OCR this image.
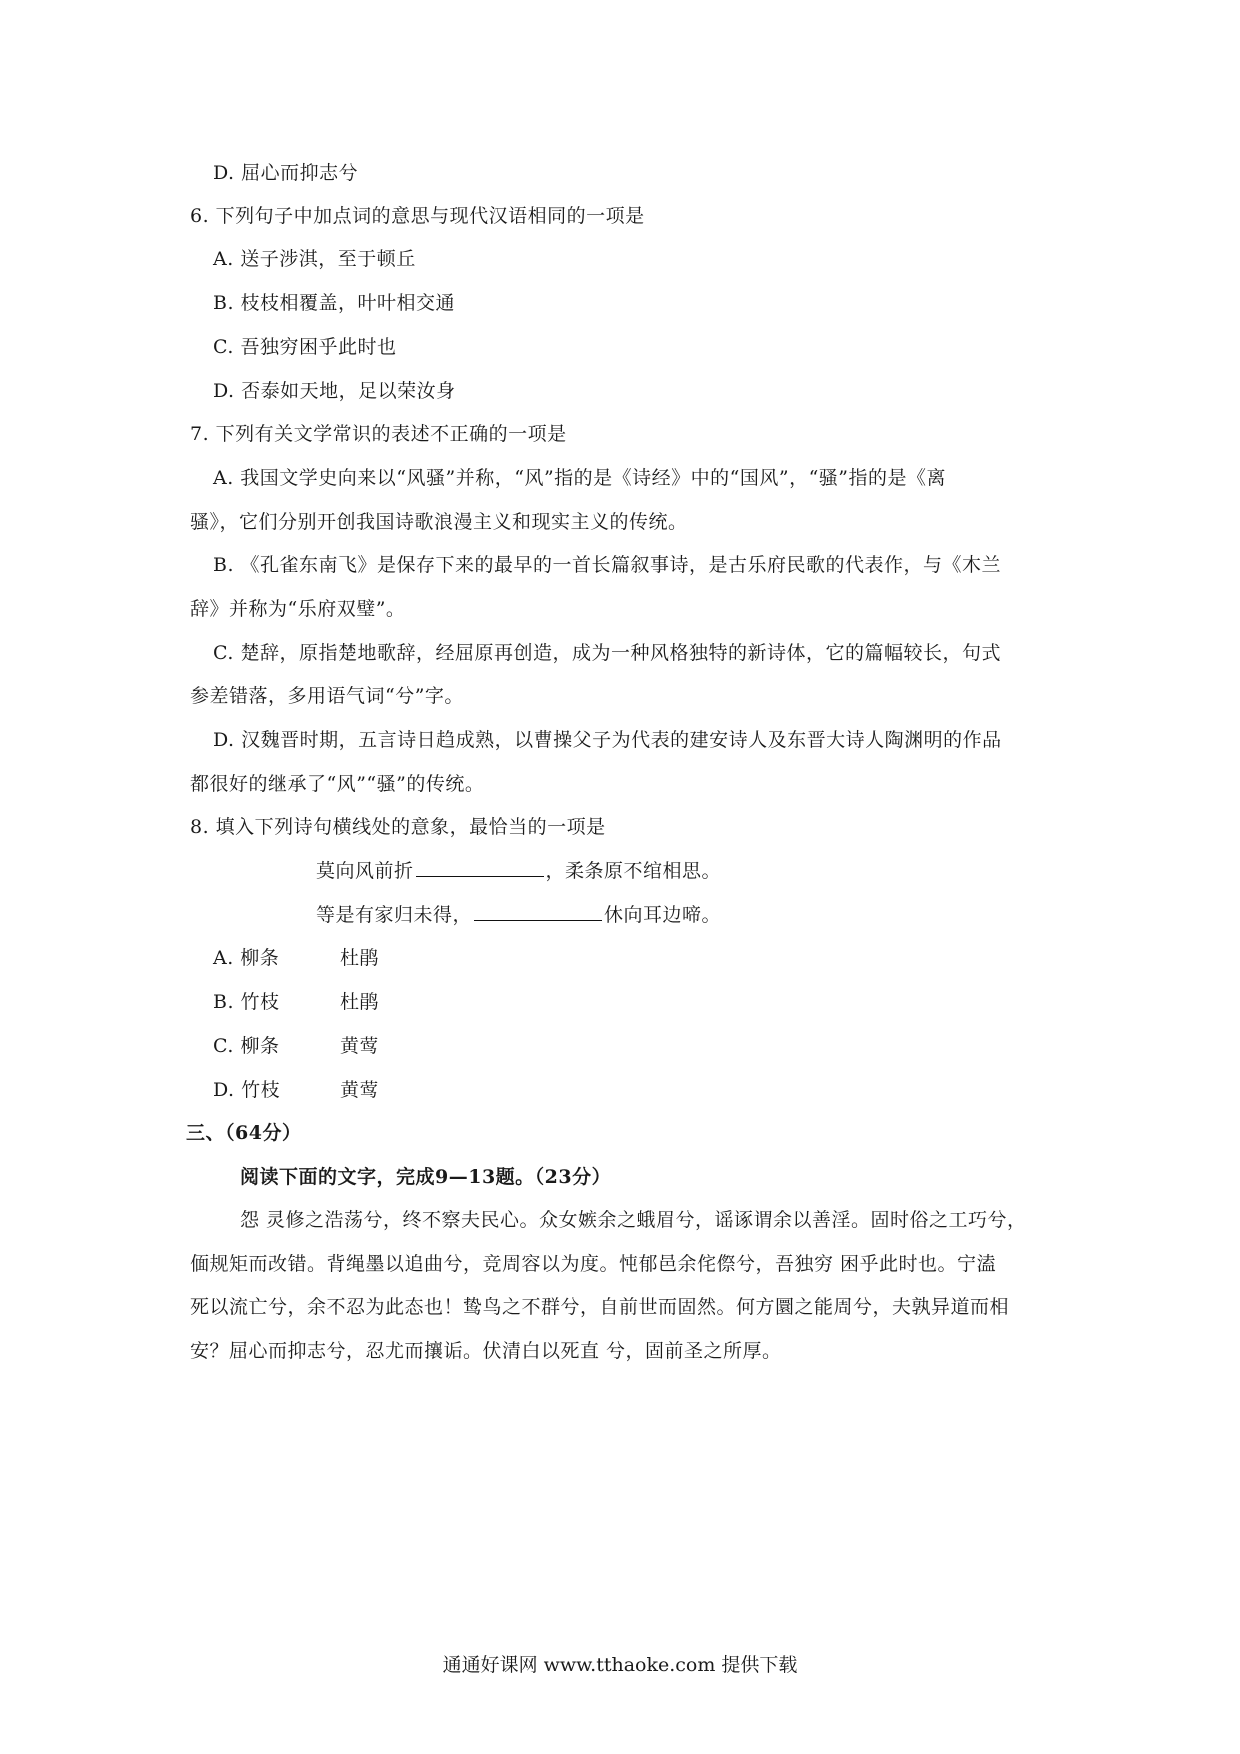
D. 屈心而抑志兮
6. 下列句子中加点词的意思与现代汉语相同的一项是
A. 送子涉淇，至于顿丘
B. 枝枝相覆盖，叶叶相交通
C. 吾独穷困乎此时也
D. 否泰如天地，足以荣汝身
7. 下列有关文学常识的表述不正确的一项是
A. 我国文学史向来以“风骚”并称，“风”指的是《诗经》中的“国风”，“骚”指的是《离
骚》，它们分别开创我国诗歌浪漫主义和现实主义的传统。
B. 《孔雀东南飞》是保存下来的最早的一首长篇叙事诗，是古乐府民歌的代表作，与《木兰
辞》并称为“乐府双璧”。
C. 楚辞，原指楚地歌辞，经屈原再创造，成为一种风格独特的新诗体，它的篇幅较长，句式
参差错落，多用语气词“兮”字。
D. 汉魏晋时期，五言诗日趋成熟，以曹操父子为代表的建安诗人及东晋大诗人陶渊明的作品
都很好的继承了“风”“骚”的传统。
8. 填入下列诗句横线处的意象，最恰当的一项是
莫向风前折	，柔条原不绾相思。
等是有家归未得，	休向耳边啼。
A. 柳条	杜鹃
B. 竹枝	杜鹃
C. 柳条	黄莺
D. 竹枝	黄莺
三、（64分）
阅读下面的文字，完成9—13题。（23分）
怨 灵修之浩荡兮，终不察夫民心。众女嫉余之蛾眉兮，谣诼谓余以善淫。固时俗之工巧兮，
偭规矩而改错。背绳墨以追曲兮，竞周容以为度。忳郁邑余侘傺兮，吾独穷 困乎此时也。宁溘
死以流亡兮，余不忍为此态也！鸷鸟之不群兮，自前世而固然。何方圜之能周兮，夫孰异道而相
安？屈心而抑志兮，忍尤而攘诟。伏清白以死直 兮，固前圣之所厚。
通通好课网 www.tthaoke.com 提供下载
